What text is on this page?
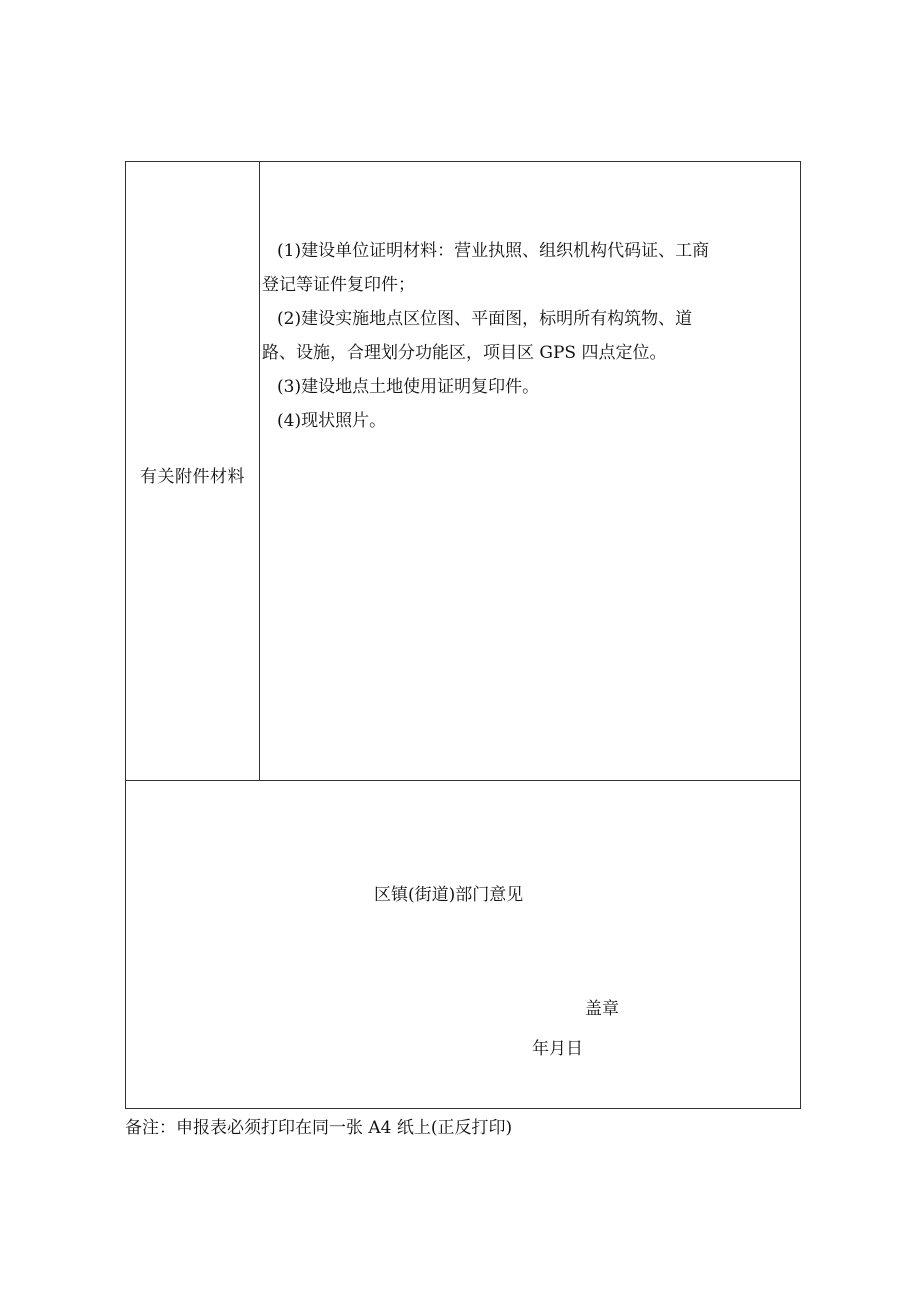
有关附件材料

(1)建设单位证明材料：营业执照、组织机构代码证、工商
登记等证件复印件；

(2)建设实施地点区位图、平面图，标明所有构筑物、道
路、设施，合理划分功能区，项目区 GPS 四点定位。

(3)建设地点土地使用证明复印件。

(4)现状照片。

区镇(街道)部门意见
盖章
年月日
备注：申报表必须打印在同一张 A4 纸上(正反打印)
